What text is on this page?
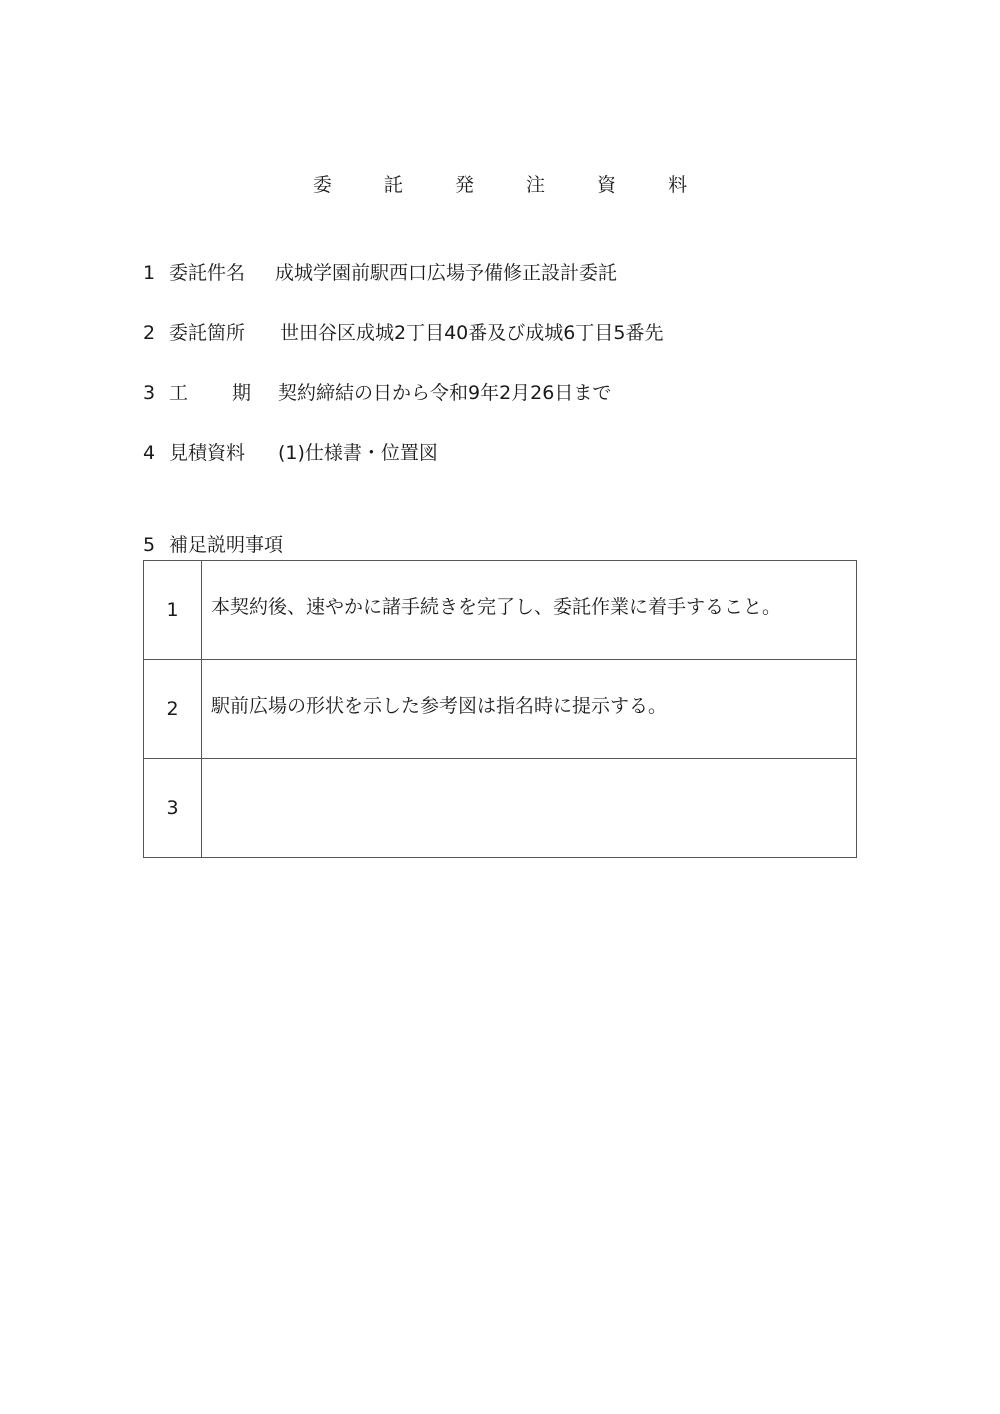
委 託 発 注 資 料
1 委託件名 成城学園前駅西口広場予備修正設計委託
2 委託箇所 世田谷区成城2丁目40番及び成城6丁目5番先
3 工 期 契約締結の日から令和9年2月26日まで
4 見積資料 (1)仕様書・位置図
5 補足説明事項
1	本契約後、速やかに諸手続きを完了し、委託作業に着手すること。
2	駅前広場の形状を示した参考図は指名時に提示する。
3	
